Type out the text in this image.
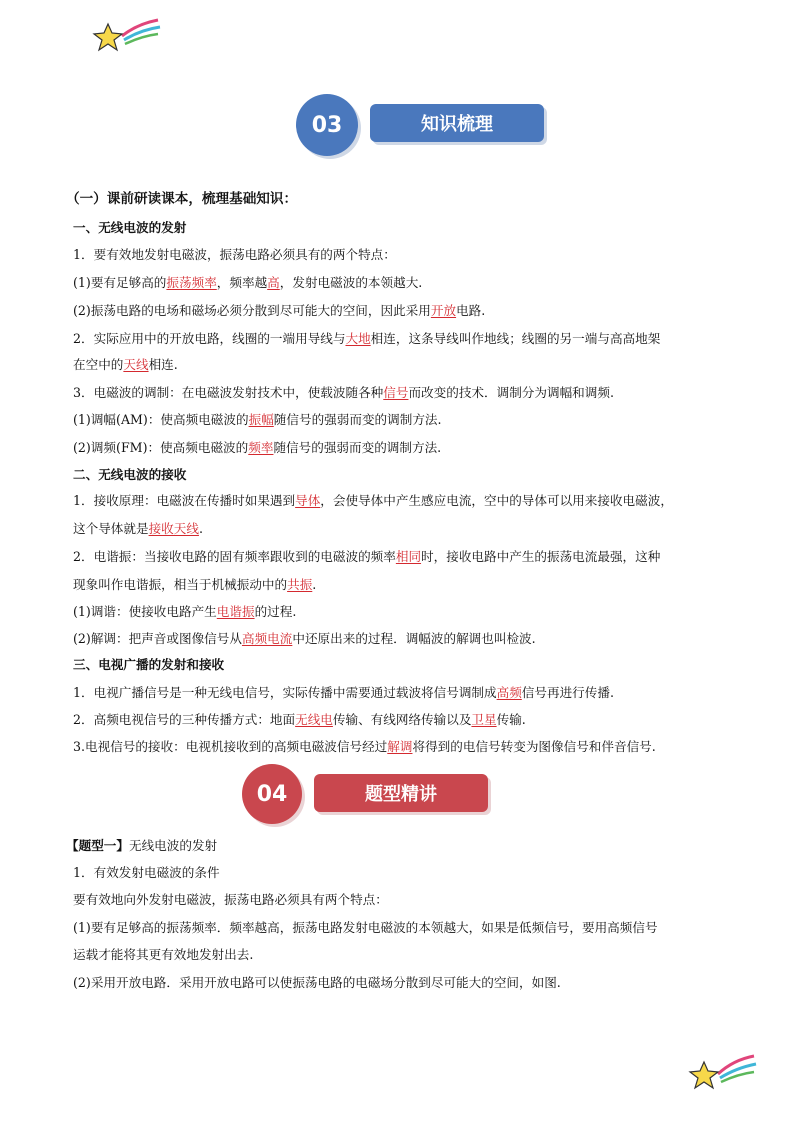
03	知识梳理
（一）课前研读课本，梳理基础知识：
一、无线电波的发射
1．要有效地发射电磁波，振荡电路必须具有的两个特点：
(1)要有足够高的振荡频率，频率越高，发射电磁波的本领越大.
(2)振荡电路的电场和磁场必须分散到尽可能大的空间，因此采用开放电路.
2．实际应用中的开放电路，线圈的一端用导线与大地相连，这条导线叫作地线；线圈的另一端与高高地架
在空中的天线相连.
3．电磁波的调制：在电磁波发射技术中，使载波随各种信号而改变的技术．调制分为调幅和调频.
(1)调幅(AM)：使高频电磁波的振幅随信号的强弱而变的调制方法.
(2)调频(FM)：使高频电磁波的频率随信号的强弱而变的调制方法.
二、无线电波的接收
1．接收原理：电磁波在传播时如果遇到导体，会使导体中产生感应电流，空中的导体可以用来接收电磁波，
这个导体就是接收天线.
2．电谐振：当接收电路的固有频率跟收到的电磁波的频率相同时，接收电路中产生的振荡电流最强，这种
现象叫作电谐振，相当于机械振动中的共振.
(1)调谐：使接收电路产生电谐振的过程.
(2)解调：把声音或图像信号从高频电流中还原出来的过程．调幅波的解调也叫检波.
三、电视广播的发射和接收
1．电视广播信号是一种无线电信号，实际传播中需要通过载波将信号调制成高频信号再进行传播.
2．高频电视信号的三种传播方式：地面无线电传输、有线网络传输以及卫星传输.
3.电视信号的接收：电视机接收到的高频电磁波信号经过解调将得到的电信号转变为图像信号和伴音信号.
04	题型精讲
【题型一】无线电波的发射
1．有效发射电磁波的条件
要有效地向外发射电磁波，振荡电路必须具有两个特点：
(1)要有足够高的振荡频率．频率越高，振荡电路发射电磁波的本领越大，如果是低频信号，要用高频信号
运载才能将其更有效地发射出去.
(2)采用开放电路．采用开放电路可以使振荡电路的电磁场分散到尽可能大的空间，如图.
